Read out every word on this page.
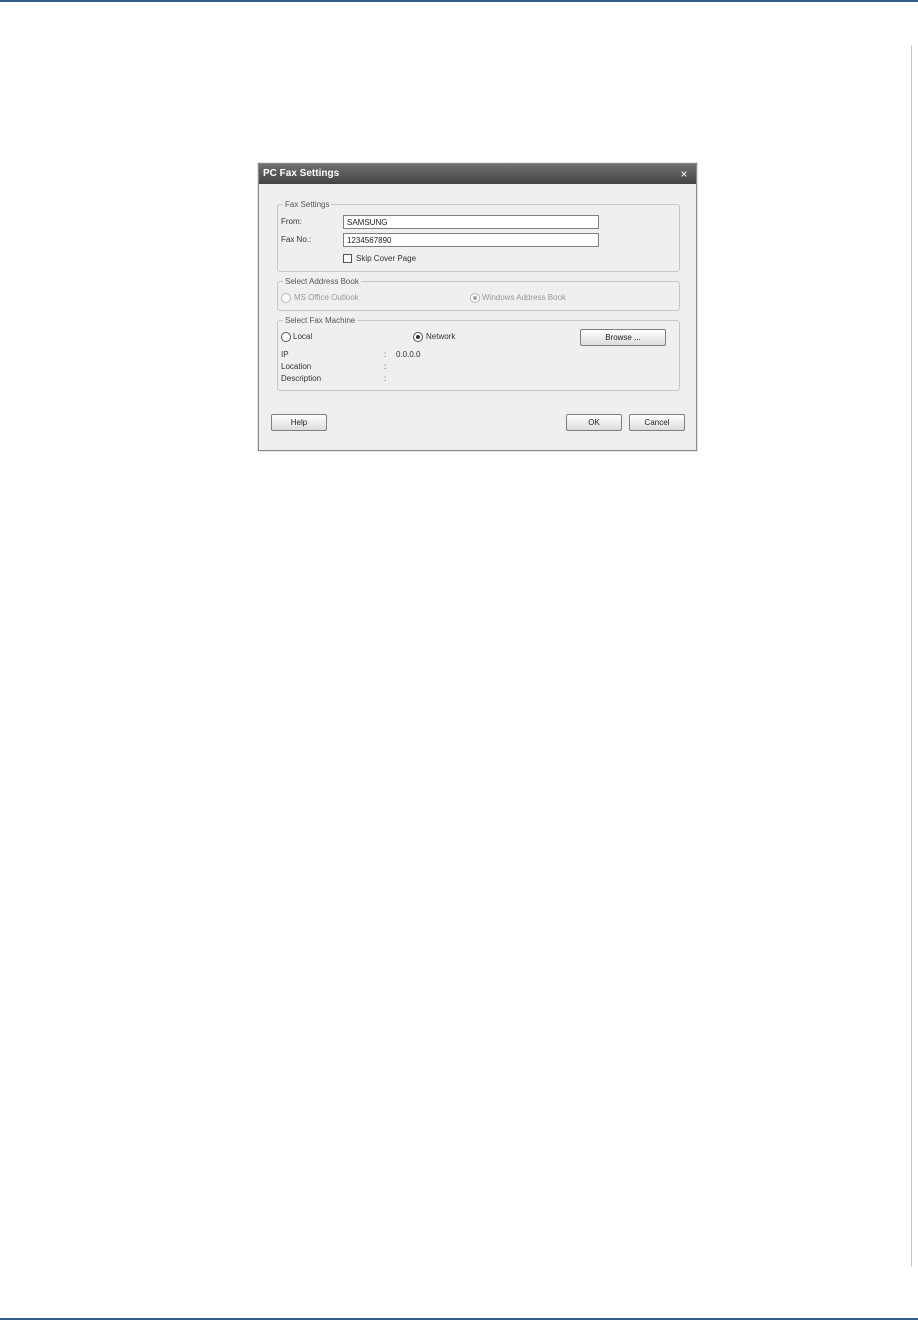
PC Fax Settings	×
Fax Settings
From:
SAMSUNG
Fax No.:
1234567890
Skip Cover Page
Select Address Book
MS Office Outlook	Windows Address Book
Select Fax Machine
Local	Network	Browse ...
IP	: 0.0.0.0
Location	:
Description	:
Help	OK	Cancel
